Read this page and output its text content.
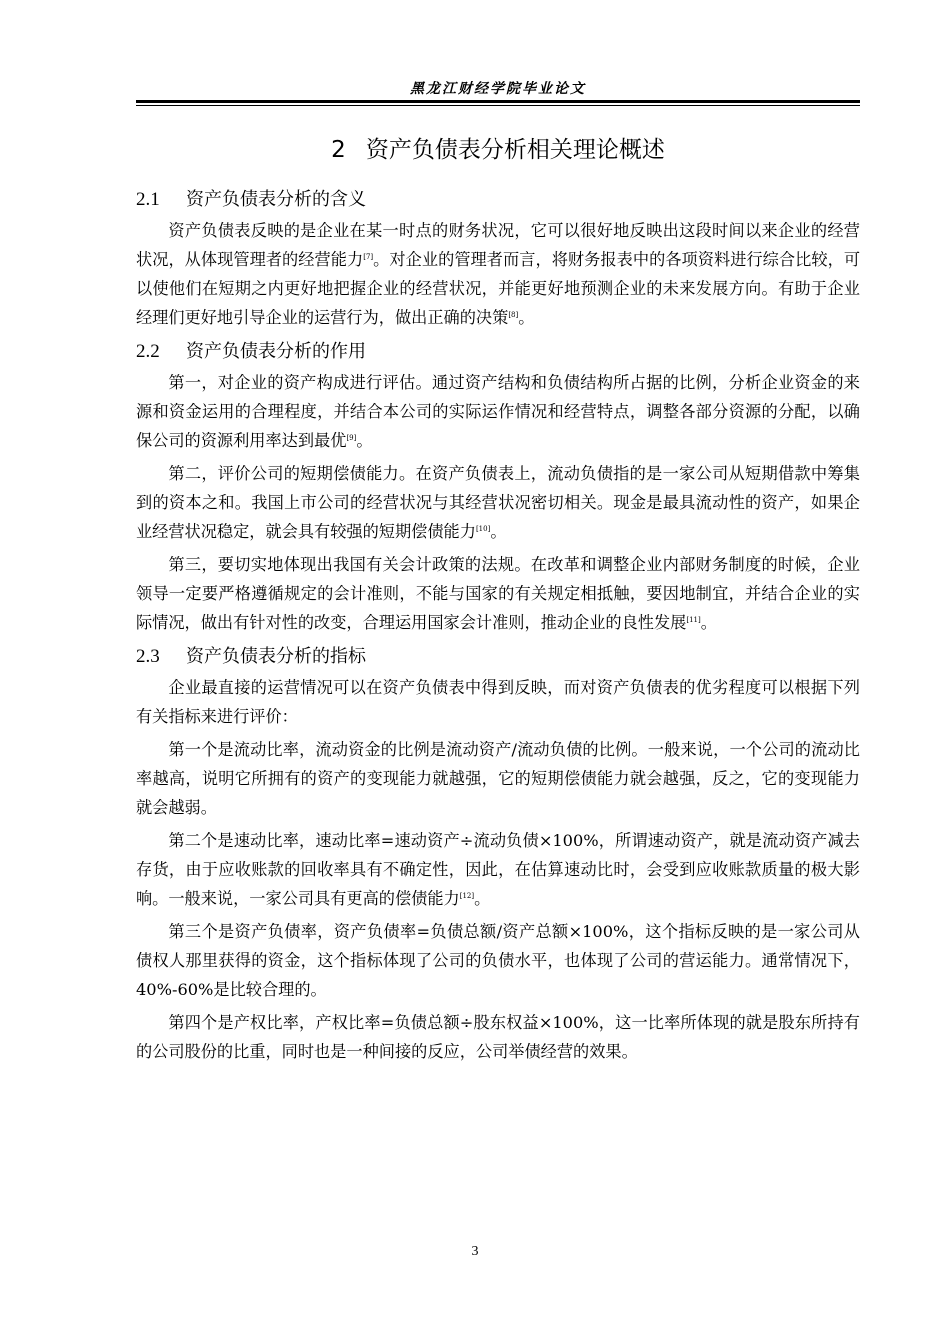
黑龙江财经学院毕业论文
2 资产负债表分析相关理论概述
2.1 资产负债表分析的含义

资产负债表反映的是企业在某一时点的财务状况，它可以很好地反映出这段时间以来企业的经营状况，从体现管理者的经营能力[7]。对企业的管理者而言，将财务报表中的各项资料进行综合比较，可以使他们在短期之内更好地把握企业的经营状况，并能更好地预测企业的未来发展方向。有助于企业经理们更好地引导企业的运营行为，做出正确的决策[8]。

2.2 资产负债表分析的作用

第一，对企业的资产构成进行评估。通过资产结构和负债结构所占据的比例，分析企业资金的来源和资金运用的合理程度，并结合本公司的实际运作情况和经营特点，调整各部分资源的分配，以确保公司的资源利用率达到最优[9]。

第二，评价公司的短期偿债能力。在资产负债表上，流动负债指的是一家公司从短期借款中筹集到的资本之和。我国上市公司的经营状况与其经营状况密切相关。现金是最具流动性的资产，如果企业经营状况稳定，就会具有较强的短期偿债能力[10]。

第三，要切实地体现出我国有关会计政策的法规。在改革和调整企业内部财务制度的时候，企业领导一定要严格遵循规定的会计准则，不能与国家的有关规定相抵触，要因地制宜，并结合企业的实际情况，做出有针对性的改变，合理运用国家会计准则，推动企业的良性发展[11]。

2.3 资产负债表分析的指标

企业最直接的运营情况可以在资产负债表中得到反映，而对资产负债表的优劣程度可以根据下列有关指标来进行评价：

第一个是流动比率，流动资金的比例是流动资产/流动负债的比例。一般来说，一个公司的流动比率越高，说明它所拥有的资产的变现能力就越强，它的短期偿债能力就会越强，反之，它的变现能力就会越弱。

第二个是速动比率，速动比率=速动资产÷流动负债×100%，所谓速动资产，就是流动资产减去存货，由于应收账款的回收率具有不确定性，因此，在估算速动比时，会受到应收账款质量的极大影响。一般来说，一家公司具有更高的偿债能力[12]。

第三个是资产负债率，资产负债率=负债总额/资产总额×100%，这个指标反映的是一家公司从债权人那里获得的资金，这个指标体现了公司的负债水平，也体现了公司的营运能力。通常情况下，40%-60%是比较合理的。

第四个是产权比率，产权比率=负债总额÷股东权益×100%，这一比率所体现的就是股东所持有的公司股份的比重，同时也是一种间接的反应，公司举债经营的效果。

3
